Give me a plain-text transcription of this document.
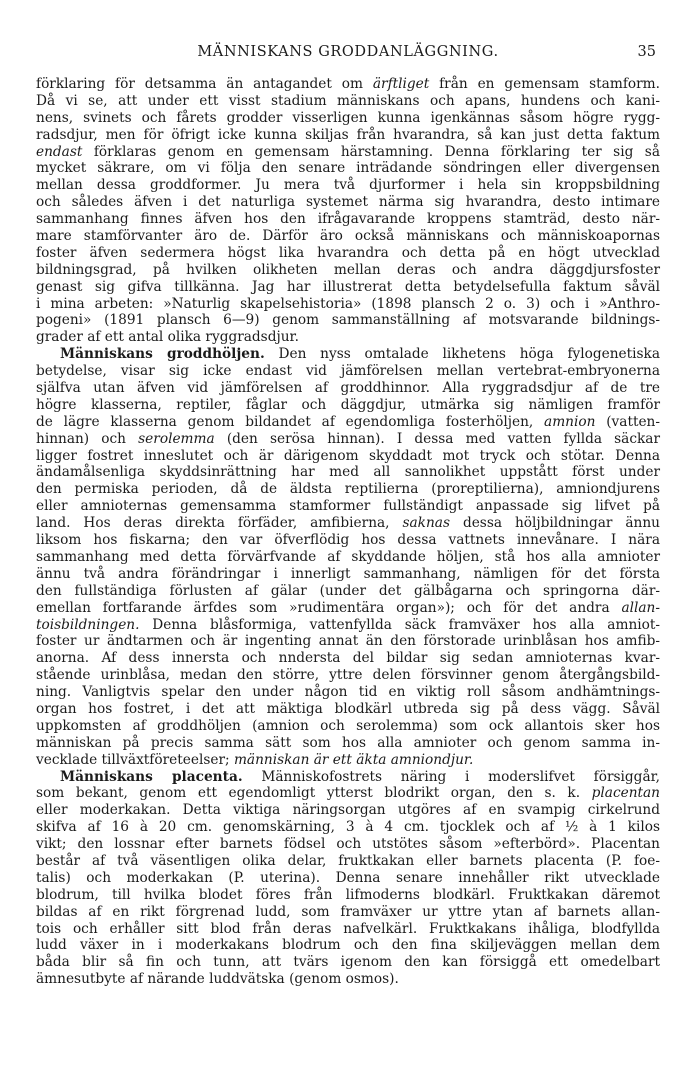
MÄNNISKANS GRODDANLÄGGNING.	35
förklaring för detsamma än antagandet om ärftliget från en gemensam stamform.
Då vi se, att under ett visst stadium människans och apans, hundens och kani-
nens, svinets och fårets grodder visserligen kunna igenkännas såsom högre rygg-
radsdjur, men för öfrigt icke kunna skiljas från hvarandra, så kan just detta faktum
endast förklaras genom en gemensam härstamning. Denna förklaring ter sig så
mycket säkrare, om vi följa den senare inträdande söndringen eller divergensen
mellan dessa groddformer. Ju mera två djurformer i hela sin kroppsbildning
och således äfven i det naturliga systemet närma sig hvarandra, desto intimare
sammanhang finnes äfven hos den ifrågavarande kroppens stamträd, desto när-
mare stamförvanter äro de. Därför äro också människans och människoapornas
foster äfven sedermera högst lika hvarandra och detta på en högt utvecklad
bildningsgrad, på hvilken olikheten mellan deras och andra däggdjursfoster
genast sig gifva tillkänna. Jag har illustrerat detta betydelsefulla faktum såväl
i mina arbeten: »Naturlig skapelsehistoria» (1898 plansch 2 o. 3) och i »Anthro-
pogeni» (1891 plansch 6—9) genom sammanställning af motsvarande bildnings-
grader af ett antal olika ryggradsdjur.
Människans groddhöljen. Den nyss omtalade likhetens höga fylogenetiska
betydelse, visar sig icke endast vid jämförelsen mellan vertebrat-embryonerna
själfva utan äfven vid jämförelsen af groddhinnor. Alla ryggradsdjur af de tre
högre klasserna, reptiler, fåglar och däggdjur, utmärka sig nämligen framför
de lägre klasserna genom bildandet af egendomliga fosterhöljen, amnion (vatten-
hinnan) och serolemma (den serösa hinnan). I dessa med vatten fyllda säckar
ligger fostret inneslutet och är därigenom skyddadt mot tryck och stötar. Denna
ändamålsenliga skyddsinrättning har med all sannolikhet uppstått först under
den permiska perioden, då de äldsta reptilierna (proreptilierna), amniondjurens
eller amnioternas gemensamma stamformer fullständigt anpassade sig lifvet på
land. Hos deras direkta förfäder, amfibierna, saknas dessa höljbildningar ännu
liksom hos fiskarna; den var öfverflödig hos dessa vattnets innevånare. I nära
sammanhang med detta förvärfvande af skyddande höljen, stå hos alla amnioter
ännu två andra förändringar i innerligt sammanhang, nämligen för det första
den fullständiga förlusten af gälar (under det gälbågarna och springorna där-
emellan fortfarande ärfdes som »rudimentära organ»); och för det andra allan-
toisbildningen. Denna blåsformiga, vattenfyllda säck framväxer hos alla amniot-
foster ur ändtarmen och är ingenting annat än den förstorade urinblåsan hos amfib-
anorna. Af dess innersta och nndersta del bildar sig sedan amnioternas kvar-
stående urinblåsa, medan den större, yttre delen försvinner genom återgångsbild-
ning. Vanligtvis spelar den under någon tid en viktig roll såsom andhämtnings-
organ hos fostret, i det att mäktiga blodkärl utbreda sig på dess vägg. Såväl
uppkomsten af groddhöljen (amnion och serolemma) som ock allantois sker hos
människan på precis samma sätt som hos alla amnioter och genom samma in-
vecklade tillväxtföreteelser; människan är ett äkta amniondjur.
Människans placenta. Människofostrets näring i moderslifvet försiggår,
som bekant, genom ett egendomligt ytterst blodrikt organ, den s. k. placentan
eller moderkakan. Detta viktiga näringsorgan utgöres af en svampig cirkelrund
skifva af 16 à 20 cm. genomskärning, 3 à 4 cm. tjocklek och af ½ à 1 kilos
vikt; den lossnar efter barnets födsel och utstötes såsom »efterbörd». Placentan
består af två väsentligen olika delar, fruktkakan eller barnets placenta (P. foe-
talis) och moderkakan (P. uterina). Denna senare innehåller rikt utvecklade
blodrum, till hvilka blodet föres från lifmoderns blodkärl. Fruktkakan däremot
bildas af en rikt förgrenad ludd, som framväxer ur yttre ytan af barnets allan-
tois och erhåller sitt blod från deras nafvelkärl. Fruktkakans ihåliga, blodfyllda
ludd växer in i moderkakans blodrum och den fina skiljeväggen mellan dem
båda blir så fin och tunn, att tvärs igenom den kan försiggå ett omedelbart
ämnesutbyte af närande luddvätska (genom osmos).
